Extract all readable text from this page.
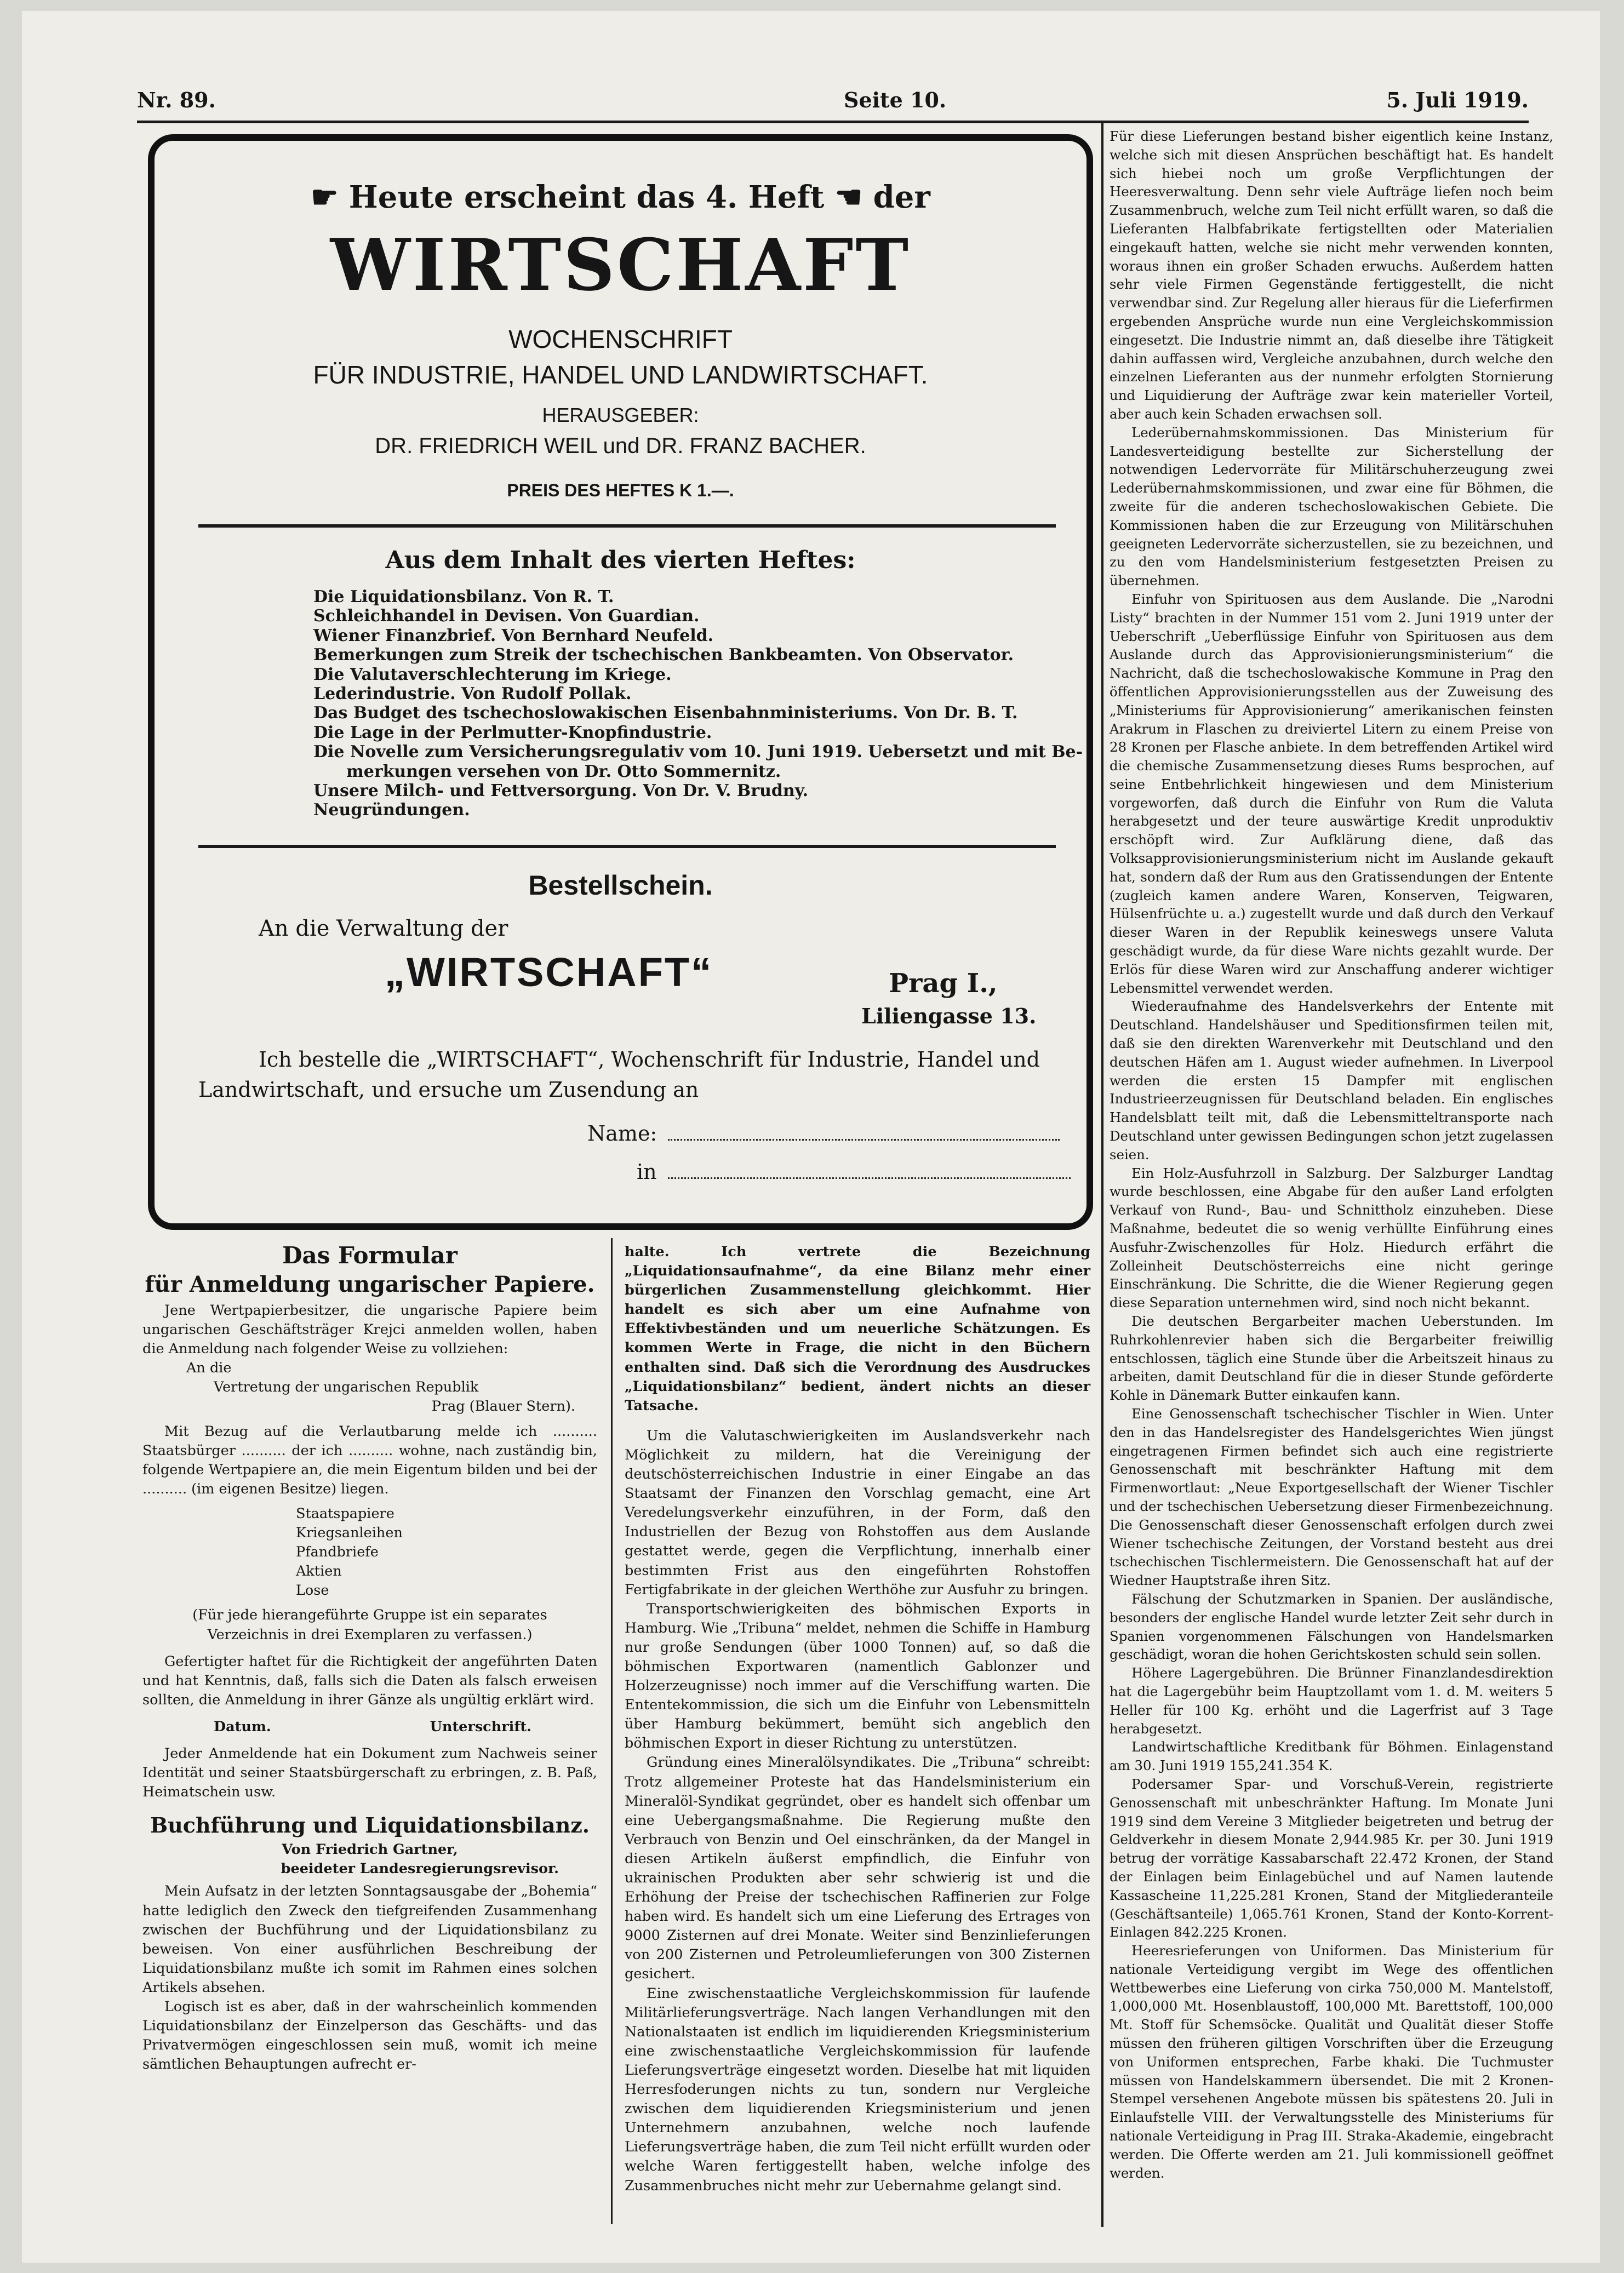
Nr. 89.	Seite 10.	5. Juli 1919.
☛ Heute erscheint das 4. Heft ☚ der
WIRTSCHAFT
WOCHENSCHRIFT
FÜR INDUSTRIE, HANDEL UND LANDWIRTSCHAFT.
HERAUSGEBER:
DR. FRIEDRICH WEIL und DR. FRANZ BACHER.
PREIS DES HEFTES K 1.—.
Aus dem Inhalt des vierten Heftes:
Die Liquidationsbilanz. Von R. T.
Schleichhandel in Devisen. Von Guardian.
Wiener Finanzbrief. Von Bernhard Neufeld.
Bemerkungen zum Streik der tschechischen Bankbeamten. Von Observator.
Die Valutaverschlechterung im Kriege.
Lederindustrie. Von Rudolf Pollak.
Das Budget des tschechoslowakischen Eisenbahnministeriums. Von Dr. B. T.
Die Lage in der Perlmutter-Knopfindustrie.
Die Novelle zum Versicherungsregulativ vom 10. Juni 1919. Uebersetzt und mit Be-
merkungen versehen von Dr. Otto Sommernitz.
Unsere Milch- und Fettversorgung. Von Dr. V. Brudny.
Neugründungen.
Bestellschein.
An die Verwaltung der
„WIRTSCHAFT“	Prag I.,
Liliengasse 13.
Ich bestelle die „WIRTSCHAFT“, Wochenschrift für Industrie, Handel und
Landwirtschaft, und ersuche um Zusendung an
Name:
in
Das Formular
für Anmeldung ungarischer Papiere.

Jene Wertpapierbesitzer, die ungarische Papiere beim ungarischen Geschäftsträger Krejci anmelden wollen, haben die Anmeldung nach folgender Weise zu vollziehen:

An die
Vertretung der ungarischen Republik
Prag (Blauer Stern).

Mit Bezug auf die Verlautbarung melde ich .......... Staatsbürger .......... der ich .......... wohne, nach zuständig bin, folgende Wertpapiere an, die mein Eigentum bilden und bei der .......... (im eigenen Besitze) liegen.

Staatspapiere
Kriegsanleihen
Pfandbriefe
Aktien
Lose

(Für jede hierangeführte Gruppe ist ein separates Verzeichnis in drei Exemplaren zu verfassen.)

Gefertigter haftet für die Richtigkeit der angeführten Daten und hat Kenntnis, daß, falls sich die Daten als falsch erweisen sollten, die Anmeldung in ihrer Gänze als ungültig erklärt wird.

Datum.	Unterschrift.

Jeder Anmeldende hat ein Dokument zum Nachweis seiner Identität und seiner Staatsbürgerschaft zu erbringen, z. B. Paß, Heimatschein usw.

Buchführung und Liquidationsbilanz.
Von Friedrich Gartner,
beeideter Landesregierungsrevisor.

Mein Aufsatz in der letzten Sonntagsausgabe der „Bohemia“ hatte lediglich den Zweck den tiefgreifenden Zusammenhang zwischen der Buchführung und der Liquidationsbilanz zu beweisen. Von einer ausführlichen Beschreibung der Liquidationsbilanz mußte ich somit im Rahmen eines solchen Artikels absehen.

Logisch ist es aber, daß in der wahrscheinlich kommenden Liquidationsbilanz der Einzelperson das Geschäfts- und das Privatvermögen eingeschlossen sein muß, womit ich meine sämtlichen Behauptungen aufrecht er-

halte. Ich vertrete die Bezeichnung „Liquidationsaufnahme“, da eine Bilanz mehr einer bürgerlichen Zusammenstellung gleichkommt. Hier handelt es sich aber um eine Aufnahme von Effektivbeständen und um neuerliche Schätzungen. Es kommen Werte in Frage, die nicht in den Büchern enthalten sind. Daß sich die Verordnung des Ausdruckes „Liquidationsbilanz“ bedient, ändert nichts an dieser Tatsache.

Um die Valutaschwierigkeiten im Auslandsverkehr nach Möglichkeit zu mildern, hat die Vereinigung der deutschösterreichischen Industrie in einer Eingabe an das Staatsamt der Finanzen den Vorschlag gemacht, eine Art Veredelungsverkehr einzuführen, in der Form, daß den Industriellen der Bezug von Rohstoffen aus dem Auslande gestattet werde, gegen die Verpflichtung, innerhalb einer bestimmten Frist aus den eingeführten Rohstoffen Fertigfabrikate in der gleichen Werthöhe zur Ausfuhr zu bringen.

Transportschwierigkeiten des böhmischen Exports in Hamburg. Wie „Tribuna“ meldet, nehmen die Schiffe in Hamburg nur große Sendungen (über 1000 Tonnen) auf, so daß die böhmischen Exportwaren (namentlich Gablonzer und Holzerzeugnisse) noch immer auf die Verschiffung warten. Die Ententekommission, die sich um die Einfuhr von Lebensmitteln über Hamburg bekümmert, bemüht sich angeblich den böhmischen Export in dieser Richtung zu unterstützen.

Gründung eines Mineralölsyndikates. Die „Tribuna“ schreibt: Trotz allgemeiner Proteste hat das Handelsministerium ein Mineralöl-Syndikat gegründet, ober es handelt sich offenbar um eine Uebergangsmaßnahme. Die Regierung mußte den Verbrauch von Benzin und Oel einschränken, da der Mangel in diesen Artikeln äußerst empfindlich, die Einfuhr von ukrainischen Produkten aber sehr schwierig ist und die Erhöhung der Preise der tschechischen Raffinerien zur Folge haben wird. Es handelt sich um eine Lieferung des Ertrages von 9000 Zisternen auf drei Monate. Weiter sind Benzinlieferungen von 200 Zisternen und Petroleumlieferungen von 300 Zisternen gesichert.

Eine zwischenstaatliche Vergleichskommission für laufende Militärlieferungsverträge. Nach langen Verhandlungen mit den Nationalstaaten ist endlich im liquidierenden Kriegsministerium eine zwischenstaatliche Vergleichskommission für laufende Lieferungsverträge eingesetzt worden. Dieselbe hat mit liquiden Herresfoderungen nichts zu tun, sondern nur Vergleiche zwischen dem liquidierenden Kriegsministerium und jenen Unternehmern anzubahnen, welche noch laufende Lieferungsverträge haben, die zum Teil nicht erfüllt wurden oder welche Waren fertiggestellt haben, welche infolge des Zusammenbruches nicht mehr zur Uebernahme gelangt sind.

Für diese Lieferungen bestand bisher eigentlich keine Instanz, welche sich mit diesen Ansprüchen beschäftigt hat. Es handelt sich hiebei noch um große Verpflichtungen der Heeresverwaltung. Denn sehr viele Aufträge liefen noch beim Zusammenbruch, welche zum Teil nicht erfüllt waren, so daß die Lieferanten Halbfabrikate fertigstellten oder Materialien eingekauft hatten, welche sie nicht mehr verwenden konnten, woraus ihnen ein großer Schaden erwuchs. Außerdem hatten sehr viele Firmen Gegenstände fertiggestellt, die nicht verwendbar sind. Zur Regelung aller hieraus für die Lieferfirmen ergebenden Ansprüche wurde nun eine Vergleichskommission eingesetzt. Die Industrie nimmt an, daß dieselbe ihre Tätigkeit dahin auffassen wird, Vergleiche anzubahnen, durch welche den einzelnen Lieferanten aus der nunmehr erfolgten Stornierung und Liquidierung der Aufträge zwar kein materieller Vorteil, aber auch kein Schaden erwachsen soll.

Lederübernahmskommissionen. Das Ministerium für Landesverteidigung bestellte zur Sicherstellung der notwendigen Ledervorräte für Militärschuherzeugung zwei Lederübernahmskommissionen, und zwar eine für Böhmen, die zweite für die anderen tschechoslowakischen Gebiete. Die Kommissionen haben die zur Erzeugung von Militärschuhen geeigneten Ledervorräte sicherzustellen, sie zu bezeichnen, und zu den vom Handelsministerium festgesetzten Preisen zu übernehmen.

Einfuhr von Spirituosen aus dem Auslande. Die „Narodni Listy“ brachten in der Nummer 151 vom 2. Juni 1919 unter der Ueberschrift „Ueberflüssige Einfuhr von Spirituosen aus dem Auslande durch das Approvisionierungsministerium“ die Nachricht, daß die tschechoslowakische Kommune in Prag den öffentlichen Approvisionierungsstellen aus der Zuweisung des „Ministeriums für Approvisionierung“ amerikanischen feinsten Arakrum in Flaschen zu dreiviertel Litern zu einem Preise von 28 Kronen per Flasche anbiete. In dem betreffenden Artikel wird die chemische Zusammensetzung dieses Rums besprochen, auf seine Entbehrlichkeit hingewiesen und dem Ministerium vorgeworfen, daß durch die Einfuhr von Rum die Valuta herabgesetzt und der teure auswärtige Kredit unproduktiv erschöpft wird. Zur Aufklärung diene, daß das Volksapprovisionierungsministerium nicht im Auslande gekauft hat, sondern daß der Rum aus den Gratissendungen der Entente (zugleich kamen andere Waren, Konserven, Teigwaren, Hülsenfrüchte u. a.) zugestellt wurde und daß durch den Verkauf dieser Waren in der Republik keineswegs unsere Valuta geschädigt wurde, da für diese Ware nichts gezahlt wurde. Der Erlös für diese Waren wird zur Anschaffung anderer wichtiger Lebensmittel verwendet werden.

Wiederaufnahme des Handelsverkehrs der Entente mit Deutschland. Handelshäuser und Speditionsfirmen teilen mit, daß sie den direkten Warenverkehr mit Deutschland und den deutschen Häfen am 1. August wieder aufnehmen. In Liverpool werden die ersten 15 Dampfer mit englischen Industrieerzeugnissen für Deutschland beladen. Ein englisches Handelsblatt teilt mit, daß die Lebensmitteltransporte nach Deutschland unter gewissen Bedingungen schon jetzt zugelassen seien.

Ein Holz-Ausfuhrzoll in Salzburg. Der Salzburger Landtag wurde beschlossen, eine Abgabe für den außer Land erfolgten Verkauf von Rund-, Bau- und Schnittholz einzuheben. Diese Maßnahme, bedeutet die so wenig verhüllte Einführung eines Ausfuhr-Zwischenzolles für Holz. Hiedurch erfährt die Zolleinheit Deutschösterreichs eine nicht geringe Einschränkung. Die Schritte, die die Wiener Regierung gegen diese Separation unternehmen wird, sind noch nicht bekannt.

Die deutschen Bergarbeiter machen Ueberstunden. Im Ruhrkohlenrevier haben sich die Bergarbeiter freiwillig entschlossen, täglich eine Stunde über die Arbeitszeit hinaus zu arbeiten, damit Deutschland für die in dieser Stunde geförderte Kohle in Dänemark Butter einkaufen kann.

Eine Genossenschaft tschechischer Tischler in Wien. Unter den in das Handelsregister des Handelsgerichtes Wien jüngst eingetragenen Firmen befindet sich auch eine registrierte Genossenschaft mit beschränkter Haftung mit dem Firmenwortlaut: „Neue Exportgesellschaft der Wiener Tischler und der tschechischen Uebersetzung dieser Firmenbezeichnung. Die Genossenschaft dieser Genossenschaft erfolgen durch zwei Wiener tschechische Zeitungen, der Vorstand besteht aus drei tschechischen Tischlermeistern. Die Genossenschaft hat auf der Wiedner Hauptstraße ihren Sitz.

Fälschung der Schutzmarken in Spanien. Der ausländische, besonders der englische Handel wurde letzter Zeit sehr durch in Spanien vorgenommenen Fälschungen von Handelsmarken geschädigt, woran die hohen Gerichtskosten schuld sein sollen.

Höhere Lagergebühren. Die Brünner Finanzlandesdirektion hat die Lagergebühr beim Hauptzollamt vom 1. d. M. weiters 5 Heller für 100 Kg. erhöht und die Lagerfrist auf 3 Tage herabgesetzt.

Landwirtschaftliche Kreditbank für Böhmen. Einlagenstand am 30. Juni 1919 155,241.354 K.

Podersamer Spar- und Vorschuß-Verein, registrierte Genossenschaft mit unbeschränkter Haftung. Im Monate Juni 1919 sind dem Vereine 3 Mitglieder beigetreten und betrug der Geldverkehr in diesem Monate 2,944.985 Kr. per 30. Juni 1919 betrug der vorrätige Kassabarschaft 22.472 Kronen, der Stand der Einlagen beim Einlagebüchel und auf Namen lautende Kassascheine 11,225.281 Kronen, Stand der Mitgliederanteile (Geschäftsanteile) 1,065.761 Kronen, Stand der Konto-Korrent-Einlagen 842.225 Kronen.

Heeresrieferungen von Uniformen. Das Ministerium für nationale Verteidigung vergibt im Wege des offentlichen Wettbewerbes eine Lieferung von cirka 750,000 M. Mantelstoff, 1,000,000 Mt. Hosenblaustoff, 100,000 Mt. Barettstoff, 100,000 Mt. Stoff für Schemsöcke. Qualität und Qualität dieser Stoffe müssen den früheren giltigen Vorschriften über die Erzeugung von Uniformen entsprechen, Farbe khaki. Die Tuchmuster müssen von Handelskammern übersendet. Die mit 2 Kronen-Stempel versehenen Angebote müssen bis spätestens 20. Juli in Einlaufstelle VIII. der Verwaltungsstelle des Ministeriums für nationale Verteidigung in Prag III. Straka-Akademie, eingebracht werden. Die Offerte werden am 21. Juli kommissionell geöffnet werden.
